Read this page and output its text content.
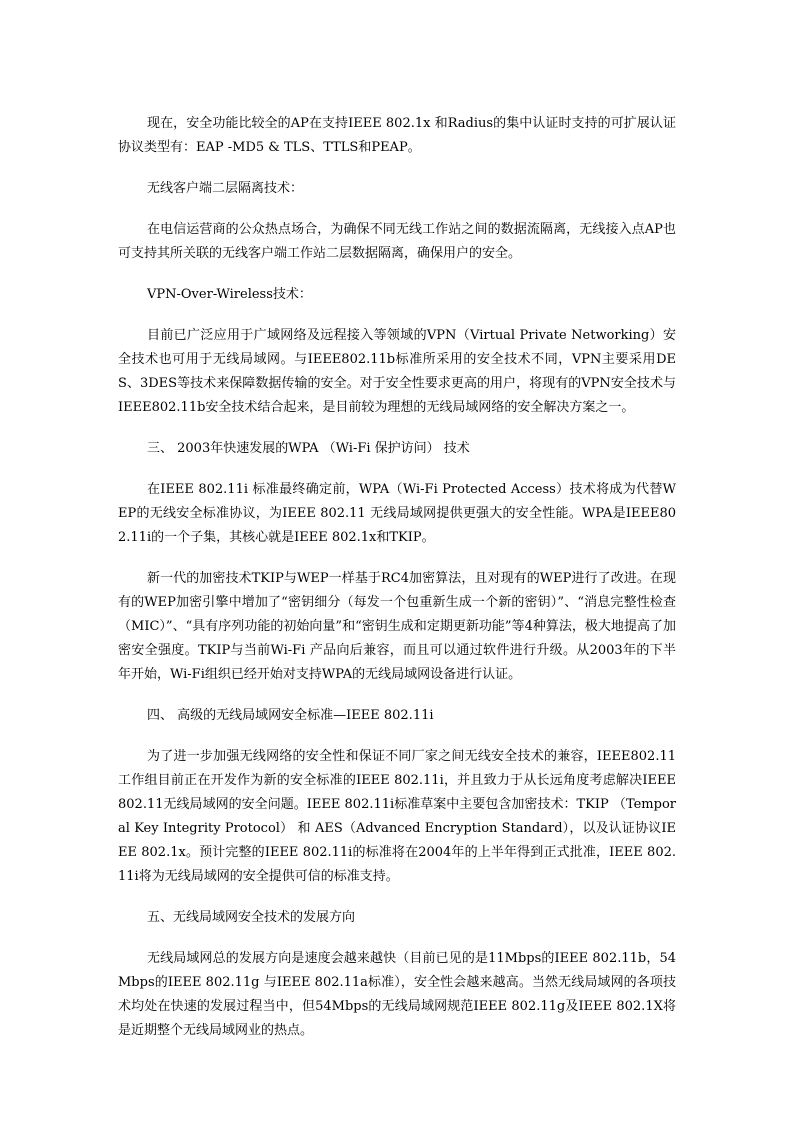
现在，安全功能比较全的AP在支持IEEE 802.1x 和Radius的集中认证时支持的可扩展认证协议类型有：EAP -MD5 & TLS、TTLS和PEAP。

无线客户端二层隔离技术：

在电信运营商的公众热点场合，为确保不同无线工作站之间的数据流隔离，无线接入点AP也可支持其所关联的无线客户端工作站二层数据隔离，确保用户的安全。

VPN-Over-Wireless技术：

目前已广泛应用于广域网络及远程接入等领域的VPN（Virtual Private Networking）安全技术也可用于无线局域网。与IEEE802.11b标准所采用的安全技术不同，VPN主要采用DES、3DES等技术来保障数据传输的安全。对于安全性要求更高的用户，将现有的VPN安全技术与IEEE802.11b安全技术结合起来，是目前较为理想的无线局域网络的安全解决方案之一。

三、 2003年快速发展的WPA （Wi-Fi 保护访问） 技术

在IEEE 802.11i 标准最终确定前，WPA（Wi-Fi Protected Access）技术将成为代替WEP的无线安全标准协议，为IEEE 802.11 无线局域网提供更强大的安全性能。WPA是IEEE802.11i的一个子集，其核心就是IEEE 802.1x和TKIP。

新一代的加密技术TKIP与WEP一样基于RC4加密算法，且对现有的WEP进行了改进。在现有的WEP加密引擎中增加了“密钥细分（每发一个包重新生成一个新的密钥）”、“消息完整性检查（MIC）”、“具有序列功能的初始向量”和“密钥生成和定期更新功能”等4种算法，极大地提高了加密安全强度。TKIP与当前Wi-Fi 产品向后兼容，而且可以通过软件进行升级。从2003年的下半年开始，Wi-Fi组织已经开始对支持WPA的无线局域网设备进行认证。

四、 高级的无线局域网安全标准—IEEE 802.11i

为了进一步加强无线网络的安全性和保证不同厂家之间无线安全技术的兼容，IEEE802.11工作组目前正在开发作为新的安全标准的IEEE 802.11i，并且致力于从长远角度考虑解决IEEE 802.11无线局域网的安全问题。IEEE 802.11i标准草案中主要包含加密技术：TKIP （Temporal Key Integrity Protocol） 和 AES（Advanced Encryption Standard），以及认证协议IEEE 802.1x。预计完整的IEEE 802.11i的标准将在2004年的上半年得到正式批准，IEEE 802.11i将为无线局域网的安全提供可信的标准支持。

五、无线局域网安全技术的发展方向

无线局域网总的发展方向是速度会越来越快（目前已见的是11Mbps的IEEE 802.11b，54Mbps的IEEE 802.11g 与IEEE 802.11a标准），安全性会越来越高。当然无线局域网的各项技术均处在快速的发展过程当中，但54Mbps的无线局域网规范IEEE 802.11g及IEEE 802.1X将是近期整个无线局域网业的热点。
